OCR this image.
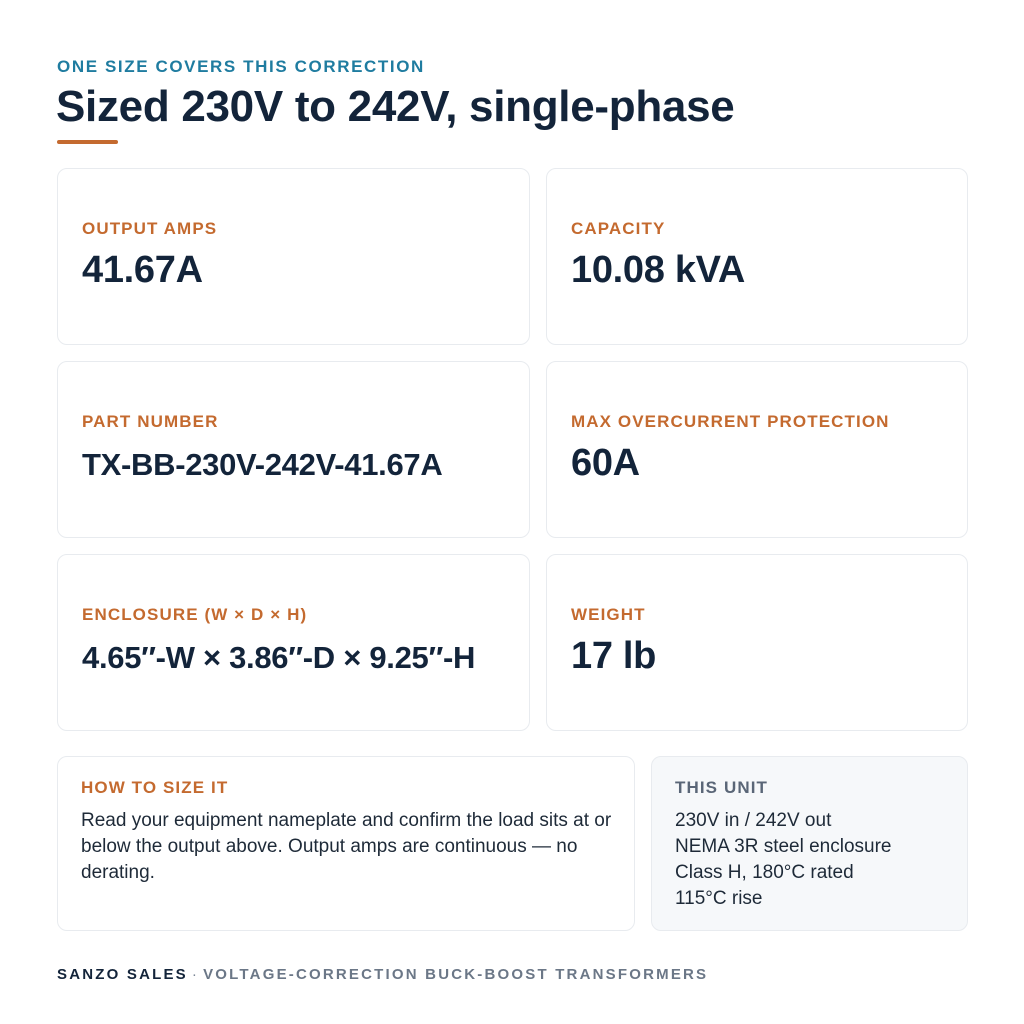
ONE SIZE COVERS THIS CORRECTION
Sized 230V to 242V, single-phase
OUTPUT AMPS
41.67A
CAPACITY
10.08 kVA
PART NUMBER
TX-BB-230V-242V-41.67A
MAX OVERCURRENT PROTECTION
60A
ENCLOSURE (W × D × H)
4.65″-W × 3.86″-D × 9.25″-H
WEIGHT
17 lb
HOW TO SIZE IT
Read your equipment nameplate and confirm the load sits at or below the output above. Output amps are continuous — no derating.
THIS UNIT
230V in / 242V out
NEMA 3R steel enclosure
Class H, 180°C rated
115°C rise
SANZO SALES · VOLTAGE-CORRECTION BUCK-BOOST TRANSFORMERS
